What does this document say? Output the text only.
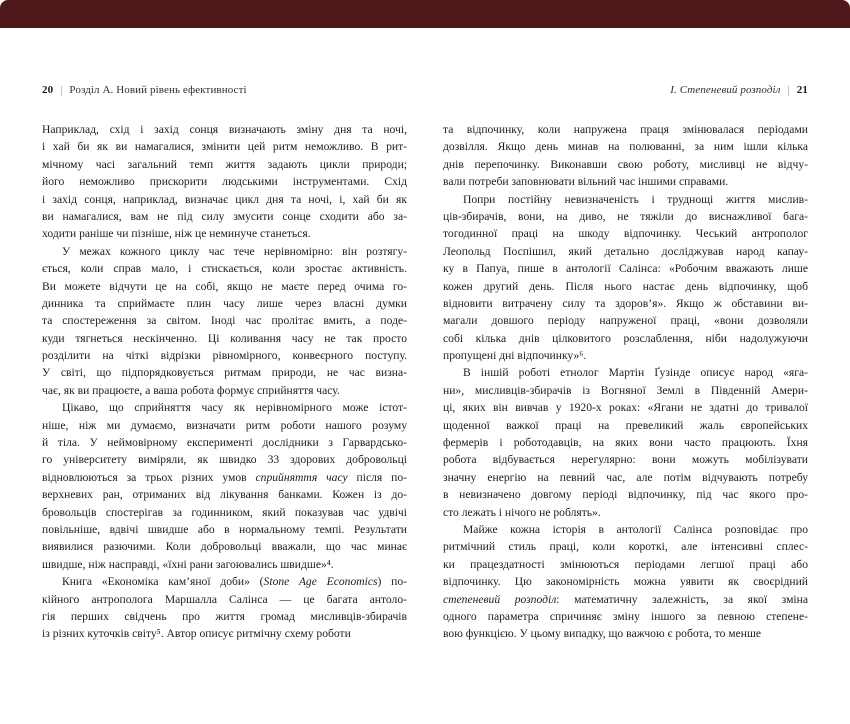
20 | Розділ А. Новий рівень ефективності
Наприклад, схід і захід сонця визначають зміну дня та ночі,
і хай би як ви намагалися, змінити цей ритм неможливо. В рит-
мічному часі загальний темп життя задають цикли природи;
його неможливо прискорити людськими інструментами. Схід
і захід сонця, наприклад, визначає цикл дня та ночі, і, хай би як
ви намагалися, вам не під силу змусити сонце сходити або за-
ходити раніше чи пізніше, ніж це неминуче станеться.
У межах кожного циклу час тече нерівномірно: він розтягу-
ється, коли справ мало, і стискається, коли зростає активність.
Ви можете відчути це на собі, якщо не маєте перед очима го-
динника та сприймаєте плин часу лише через власні думки
та спостереження за світом. Іноді час пролітає вмить, а поде-
куди тягнеться нескінченно. Ці коливання часу не так просто
розділити на чіткі відрізки рівномірного, конвеєрного поступу.
У світі, що підпорядковується ритмам природи, не час визна-
чає, як ви працюєте, а ваша робота формує сприйняття часу.
Цікаво, що сприйняття часу як нерівномірного може істот-
ніше, ніж ми думаємо, визначати ритм роботи нашого розуму
й тіла. У неймовірному експерименті дослідники з Гарвардсько-
го університету виміряли, як швидко 33 здорових добровольці
відновлюються за трьох різних умов сприйняття часу після по-
верхневих ран, отриманих від лікування банками. Кожен із до-
бровольців спостерігав за годинником, який показував час удвічі
повільніше, вдвічі швидше або в нормальному темпі. Результати
виявилися разючими. Коли добровольці вважали, що час минає
швидше, ніж насправді, «їхні рани загоювались швидше»⁴.
Книга «Економіка кам’яної доби» (Stone Age Economics) по-
кійного антрополога Маршалла Салінса — це багата антоло-
гія перших свідчень про життя громад мисливців-збирачів
із різних куточків світу⁵. Автор описує ритмічну схему роботи
І. Степеневий розподіл | 21
та відпочинку, коли напружена праця змінювалася періодами
дозвілля. Якщо день минав на полюванні, за ним ішли кілька
днів перепочинку. Виконавши свою роботу, мисливці не відчу-
вали потреби заповнювати вільний час іншими справами.
Попри постійну невизначеність і труднощі життя мислив-
ців-збирачів, вони, на диво, не тяжіли до виснажливої бага-
тогодинної праці на шкоду відпочинку. Чеський антрополог
Леопольд Поспішил, який детально досліджував народ капау-
ку в Папуа, пише в антології Салінса: «Робочим вважають лише
кожен другий день. Після нього настає день відпочинку, щоб
відновити витрачену силу та здоров’я». Якщо ж обставини ви-
магали довшого періоду напруженої праці, «вони дозволяли
собі кілька днів цілковитого розслаблення, ніби надолужуючи
пропущені дні відпочинку»⁶.
В іншій роботі етнолог Мартін Ґузінде описує народ «яга-
ни», мисливців-збирачів із Вогняної Землі в Південній Амери-
ці, яких він вивчав у 1920-х роках: «Ягани не здатні до тривалої
щоденної важкої праці на превеликий жаль європейських
фермерів і роботодавців, на яких вони часто працюють. Їхня
робота відбувається нерегулярно: вони можуть мобілізувати
значну енергію на певний час, але потім відчувають потребу
в невизначено довгому періоді відпочинку, під час якого про-
сто лежать і нічого не роблять».
Майже кожна історія в антології Салінса розповідає про
ритмічний стиль праці, коли короткі, але інтенсивні сплес-
ки працездатності змінюються періодами легшої праці або
відпочинку. Цю закономірність можна уявити як своєрідний
степеневий розподіл: математичну залежність, за якої зміна
одного параметра спричиняє зміну іншого за певною степене-
вою функцією. У цьому випадку, що важчою є робота, то менше
